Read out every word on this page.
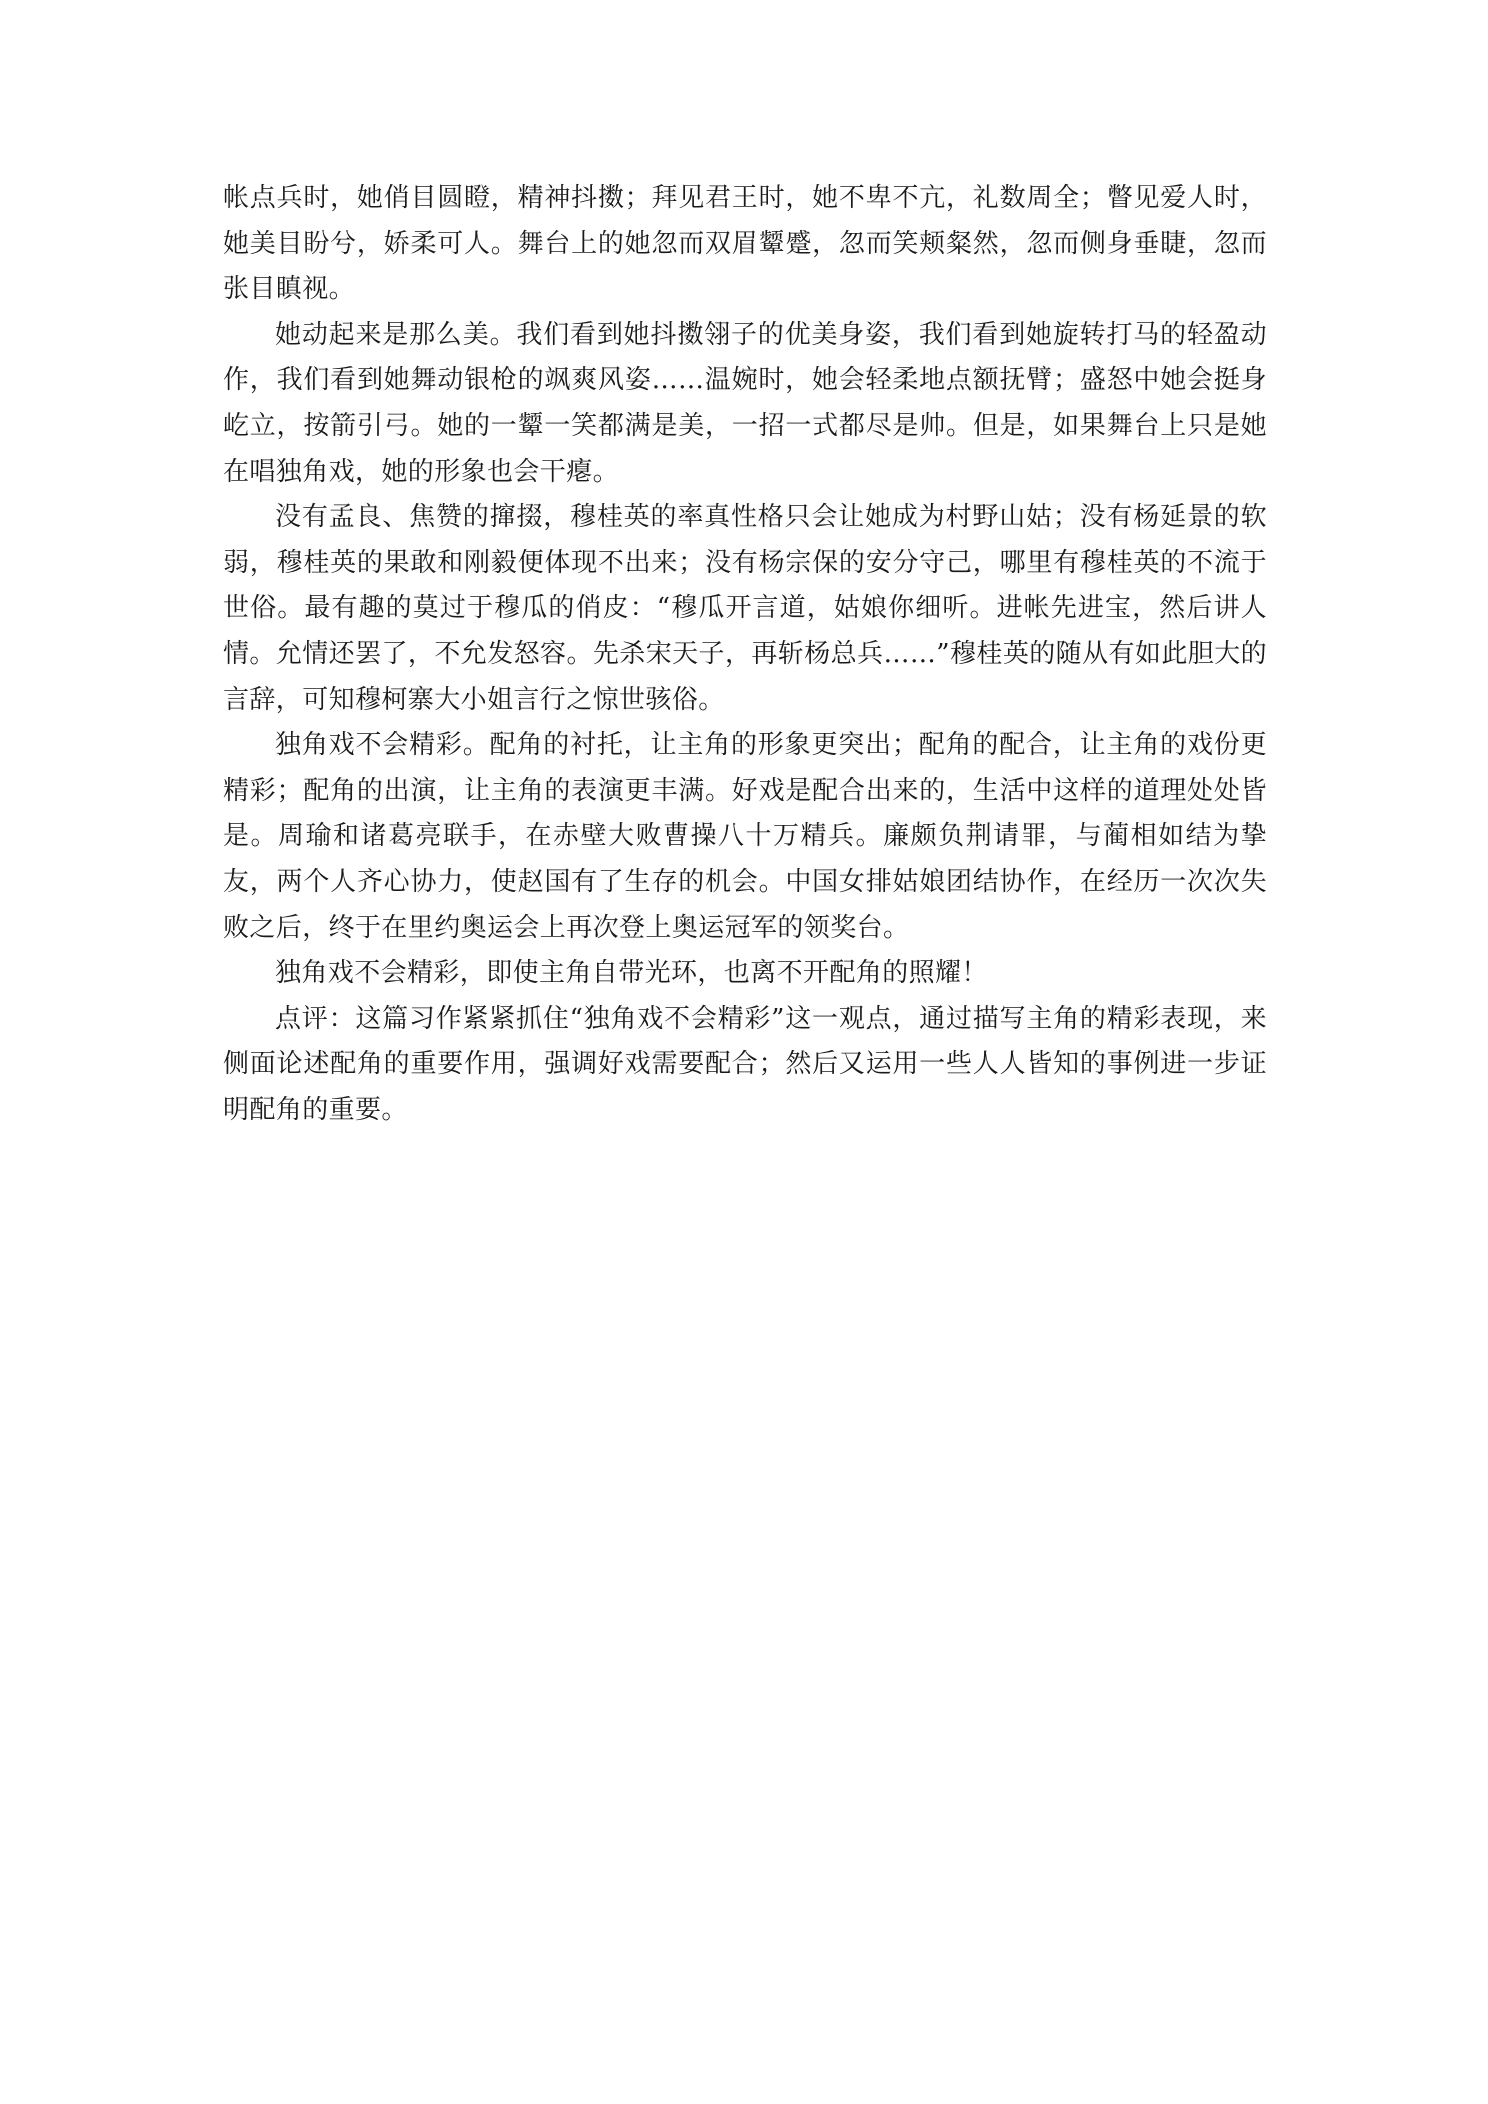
帐点兵时，她俏目圆瞪，精神抖擞；拜见君王时，她不卑不亢，礼数周全；瞥见爱人时，她美目盼兮，娇柔可人。舞台上的她忽而双眉颦蹙，忽而笑颊粲然，忽而侧身垂睫，忽而张目瞋视。

她动起来是那么美。我们看到她抖擞翎子的优美身姿，我们看到她旋转打马的轻盈动作，我们看到她舞动银枪的飒爽风姿……温婉时，她会轻柔地点额抚臂；盛怒中她会挺身屹立，按箭引弓。她的一颦一笑都满是美，一招一式都尽是帅。但是，如果舞台上只是她在唱独角戏，她的形象也会干瘪。

没有孟良、焦赞的撺掇，穆桂英的率真性格只会让她成为村野山姑；没有杨延景的软弱，穆桂英的果敢和刚毅便体现不出来；没有杨宗保的安分守己，哪里有穆桂英的不流于世俗。最有趣的莫过于穆瓜的俏皮：“穆瓜开言道，姑娘你细听。进帐先进宝，然后讲人情。允情还罢了，不允发怒容。先杀宋天子，再斩杨总兵……”穆桂英的随从有如此胆大的言辞，可知穆柯寨大小姐言行之惊世骇俗。

独角戏不会精彩。配角的衬托，让主角的形象更突出；配角的配合，让主角的戏份更精彩；配角的出演，让主角的表演更丰满。好戏是配合出来的，生活中这样的道理处处皆是。周瑜和诸葛亮联手，在赤壁大败曹操八十万精兵。廉颇负荆请罪，与蔺相如结为挚友，两个人齐心协力，使赵国有了生存的机会。中国女排姑娘团结协作，在经历一次次失败之后，终于在里约奥运会上再次登上奥运冠军的领奖台。

独角戏不会精彩，即使主角自带光环，也离不开配角的照耀！

点评：这篇习作紧紧抓住“独角戏不会精彩”这一观点，通过描写主角的精彩表现，来侧面论述配角的重要作用，强调好戏需要配合；然后又运用一些人人皆知的事例进一步证明配角的重要。
